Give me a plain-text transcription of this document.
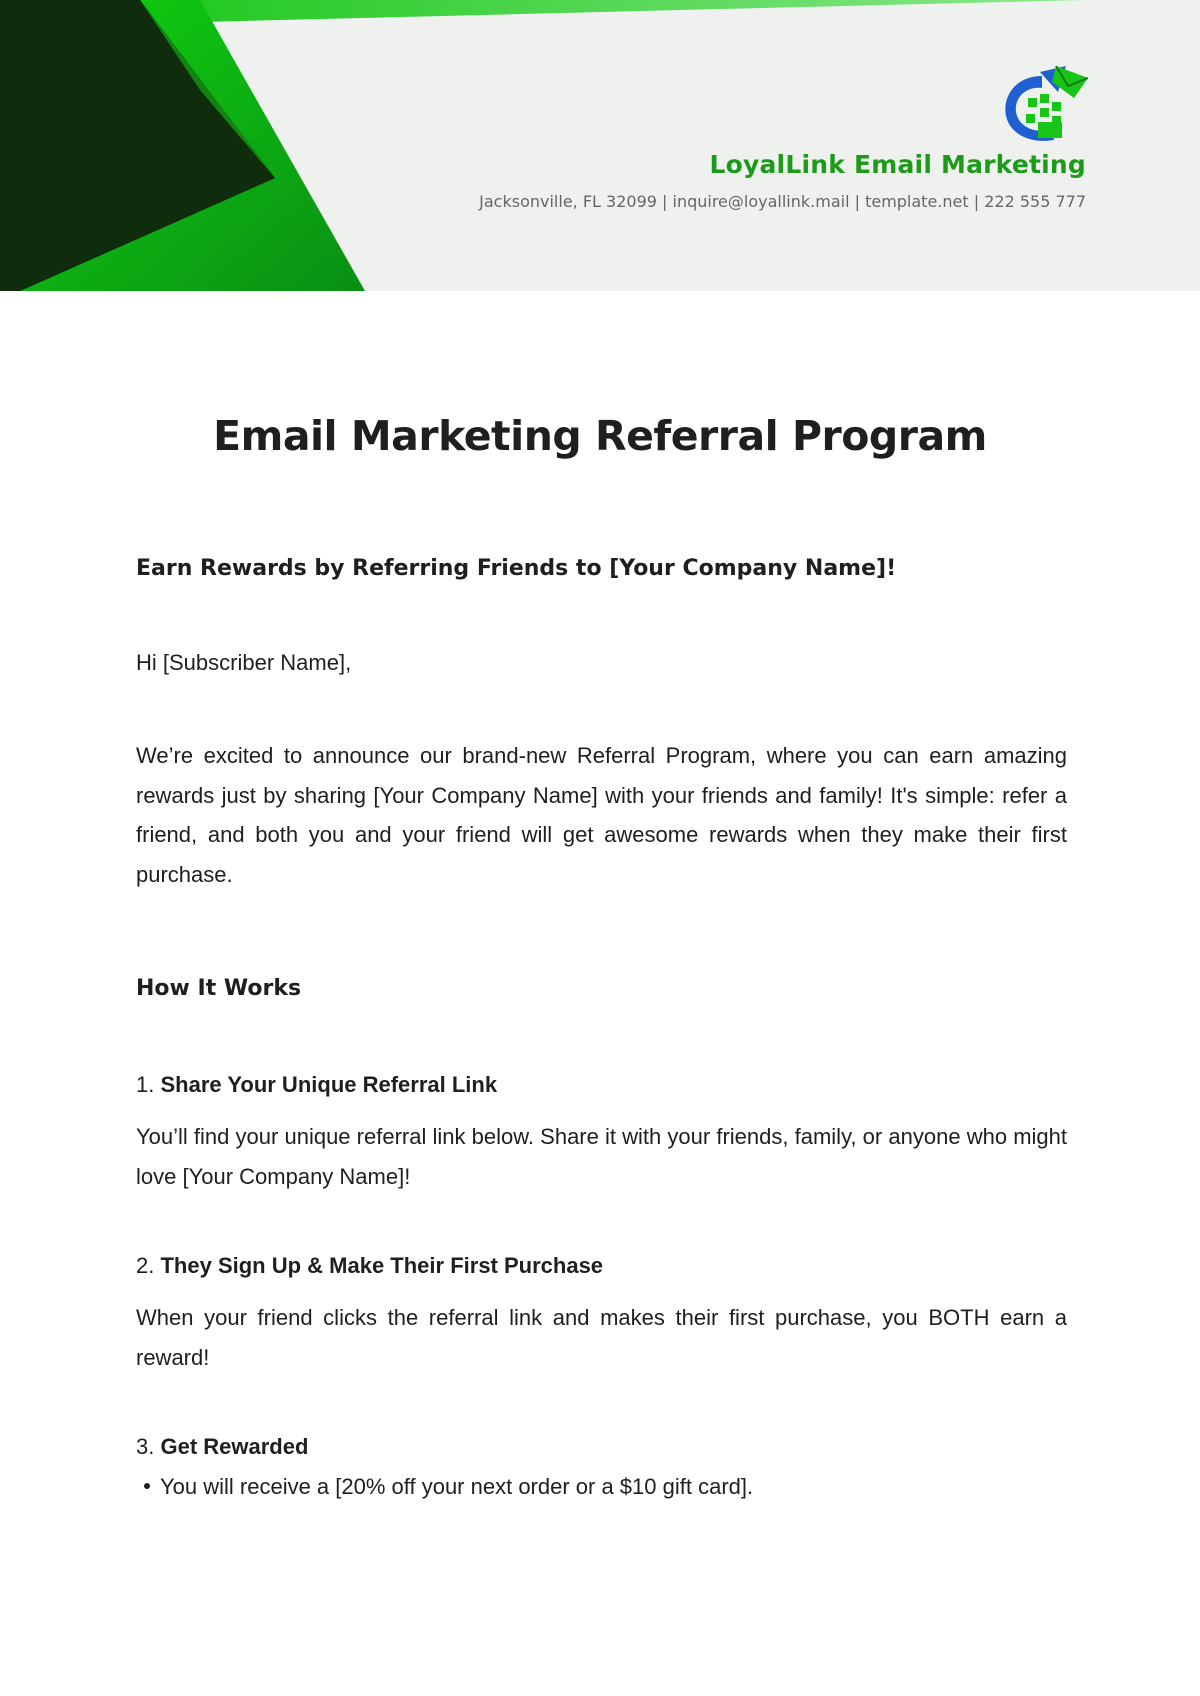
LoyalLink Email Marketing
Jacksonville, FL 32099 | inquire@loyallink.mail | template.net | 222 555 777
Email Marketing Referral Program
Earn Rewards by Referring Friends to [Your Company Name]!
Hi [Subscriber Name],

We’re excited to announce our brand-new Referral Program, where you can earn amazing rewards just by sharing [Your Company Name] with your friends and family! It's simple: refer a friend, and both you and your friend will get awesome rewards when they make their first purchase.

How It Works
1. Share Your Unique Referral Link

You’ll find your unique referral link below. Share it with your friends, family, or anyone who might love [Your Company Name]!

2. They Sign Up & Make Their First Purchase

When your friend clicks the referral link and makes their first purchase, you BOTH earn a reward!

3. Get Rewarded
You will receive a [20% off your next order or a $10 gift card].
